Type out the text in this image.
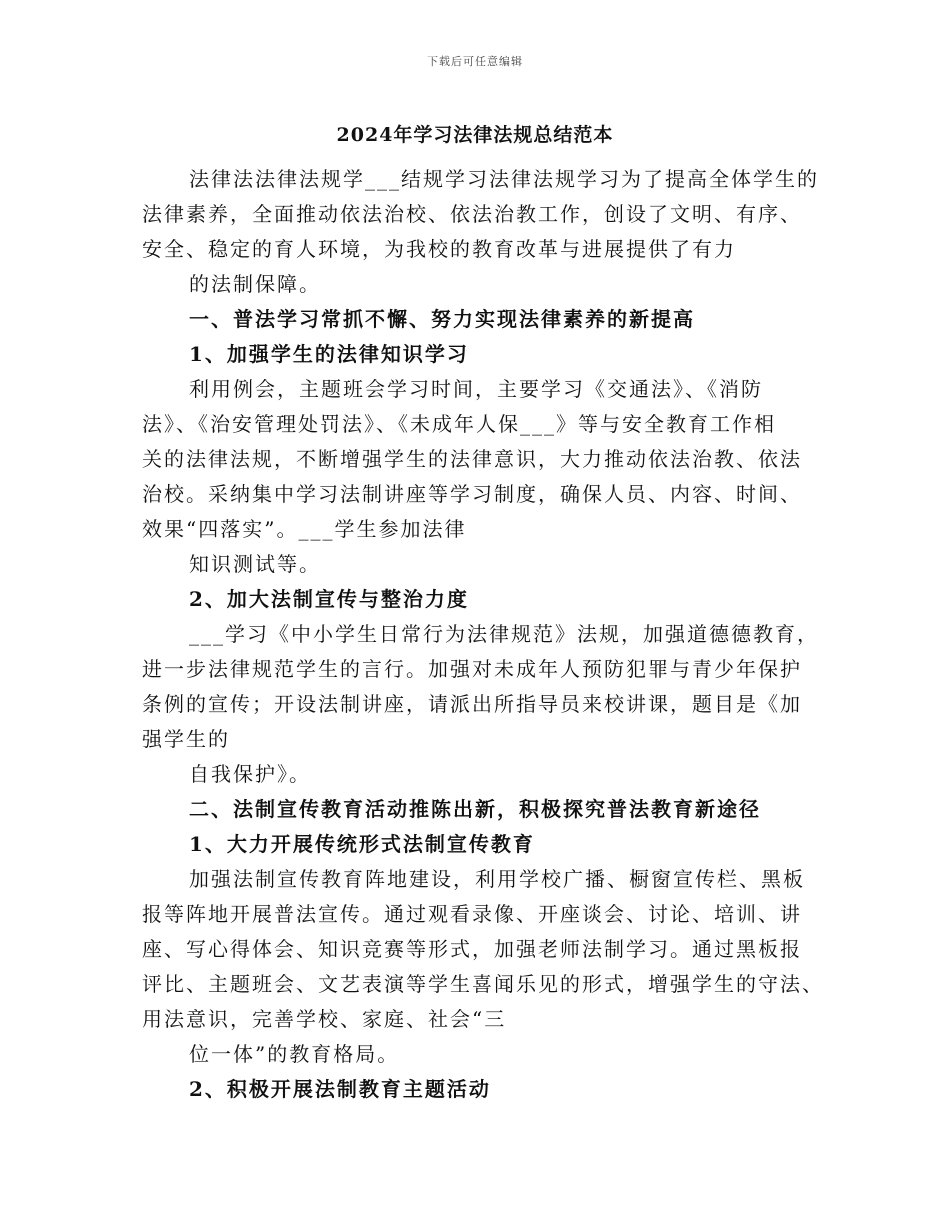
下载后可任意编辑
2024年学习法律法规总结范本
法律法法律法规学___结规学习法律法规学习为了提高全体学生的
法律素养，全面推动依法治校、依法治教工作，创设了文明、有序、
安全、稳定的育人环境，为我校的教育改革与进展提供了有力
的法制保障。
一、普法学习常抓不懈、努力实现法律素养的新提高
1、加强学生的法律知识学习
利用例会，主题班会学习时间，主要学习《交通法》、《消防
法》、《治安管理处罚法》、《未成年人保___》等与安全教育工作相
关的法律法规，不断增强学生的法律意识，大力推动依法治教、依法
治校。采纳集中学习法制讲座等学习制度，确保人员、内容、时间、
效果“四落实”。___学生参加法律
知识测试等。
2、加大法制宣传与整治力度
___学习《中小学生日常行为法律规范》法规，加强道德德教育，
进一步法律规范学生的言行。加强对未成年人预防犯罪与青少年保护
条例的宣传；开设法制讲座，请派出所指导员来校讲课，题目是《加
强学生的
自我保护》。
二、法制宣传教育活动推陈出新，积极探究普法教育新途径
1、大力开展传统形式法制宣传教育
加强法制宣传教育阵地建设，利用学校广播、橱窗宣传栏、黑板
报等阵地开展普法宣传。通过观看录像、开座谈会、讨论、培训、讲
座、写心得体会、知识竞赛等形式，加强老师法制学习。通过黑板报
评比、主题班会、文艺表演等学生喜闻乐见的形式，增强学生的守法、
用法意识，完善学校、家庭、社会“三
位一体”的教育格局。
2、积极开展法制教育主题活动
